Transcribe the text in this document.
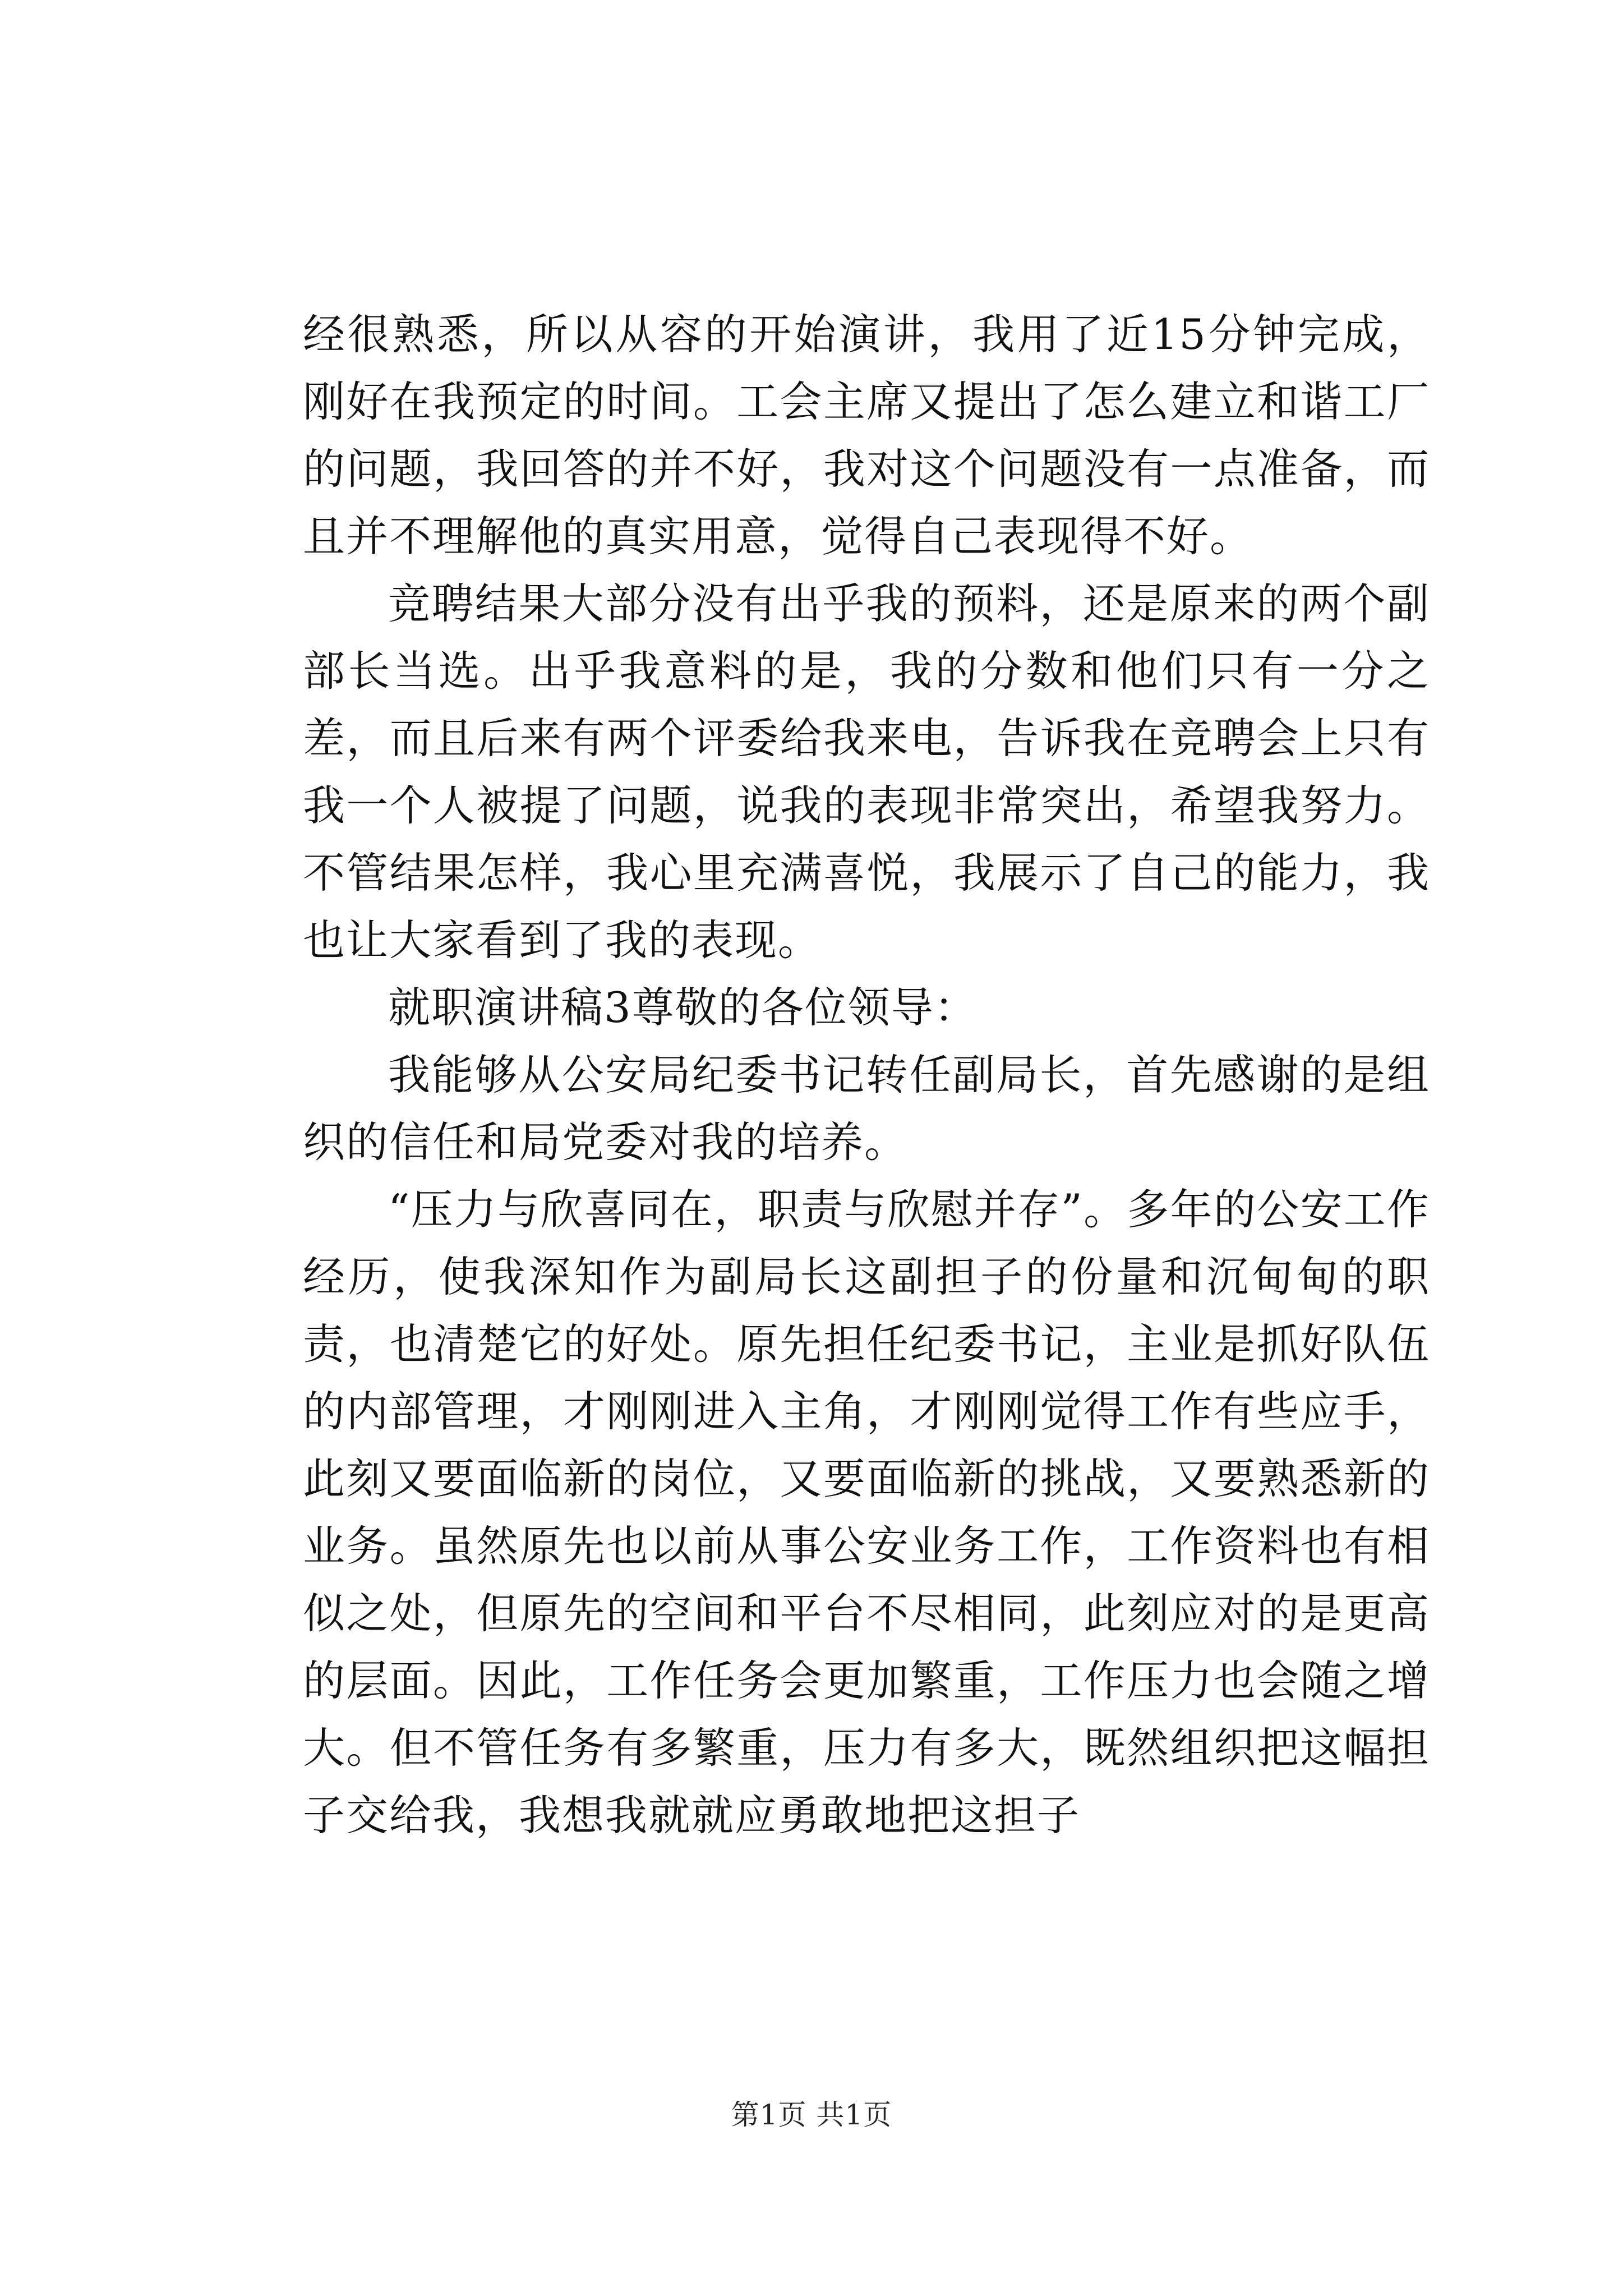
经很熟悉，所以从容的开始演讲，我用了近15分钟完成，刚好在我预定的时间。工会主席又提出了怎么建立和谐工厂的问题，我回答的并不好，我对这个问题没有一点准备，而且并不理解他的真实用意，觉得自己表现得不好。

竞聘结果大部分没有出乎我的预料，还是原来的两个副部长当选。出乎我意料的是，我的分数和他们只有一分之差，而且后来有两个评委给我来电，告诉我在竞聘会上只有我一个人被提了问题，说我的表现非常突出，希望我努力。不管结果怎样，我心里充满喜悦，我展示了自己的能力，我也让大家看到了我的表现。

就职演讲稿3尊敬的各位领导：

我能够从公安局纪委书记转任副局长，首先感谢的是组织的信任和局党委对我的培养。

“压力与欣喜同在，职责与欣慰并存”。多年的公安工作经历，使我深知作为副局长这副担子的份量和沉甸甸的职责，也清楚它的好处。原先担任纪委书记，主业是抓好队伍的内部管理，才刚刚进入主角，才刚刚觉得工作有些应手，此刻又要面临新的岗位，又要面临新的挑战，又要熟悉新的业务。虽然原先也以前从事公安业务工作，工作资料也有相似之处，但原先的空间和平台不尽相同，此刻应对的是更高的层面。因此，工作任务会更加繁重，工作压力也会随之增大。但不管任务有多繁重，压力有多大，既然组织把这幅担子交给我，我想我就就应勇敢地把这担子

第1页 共1页
